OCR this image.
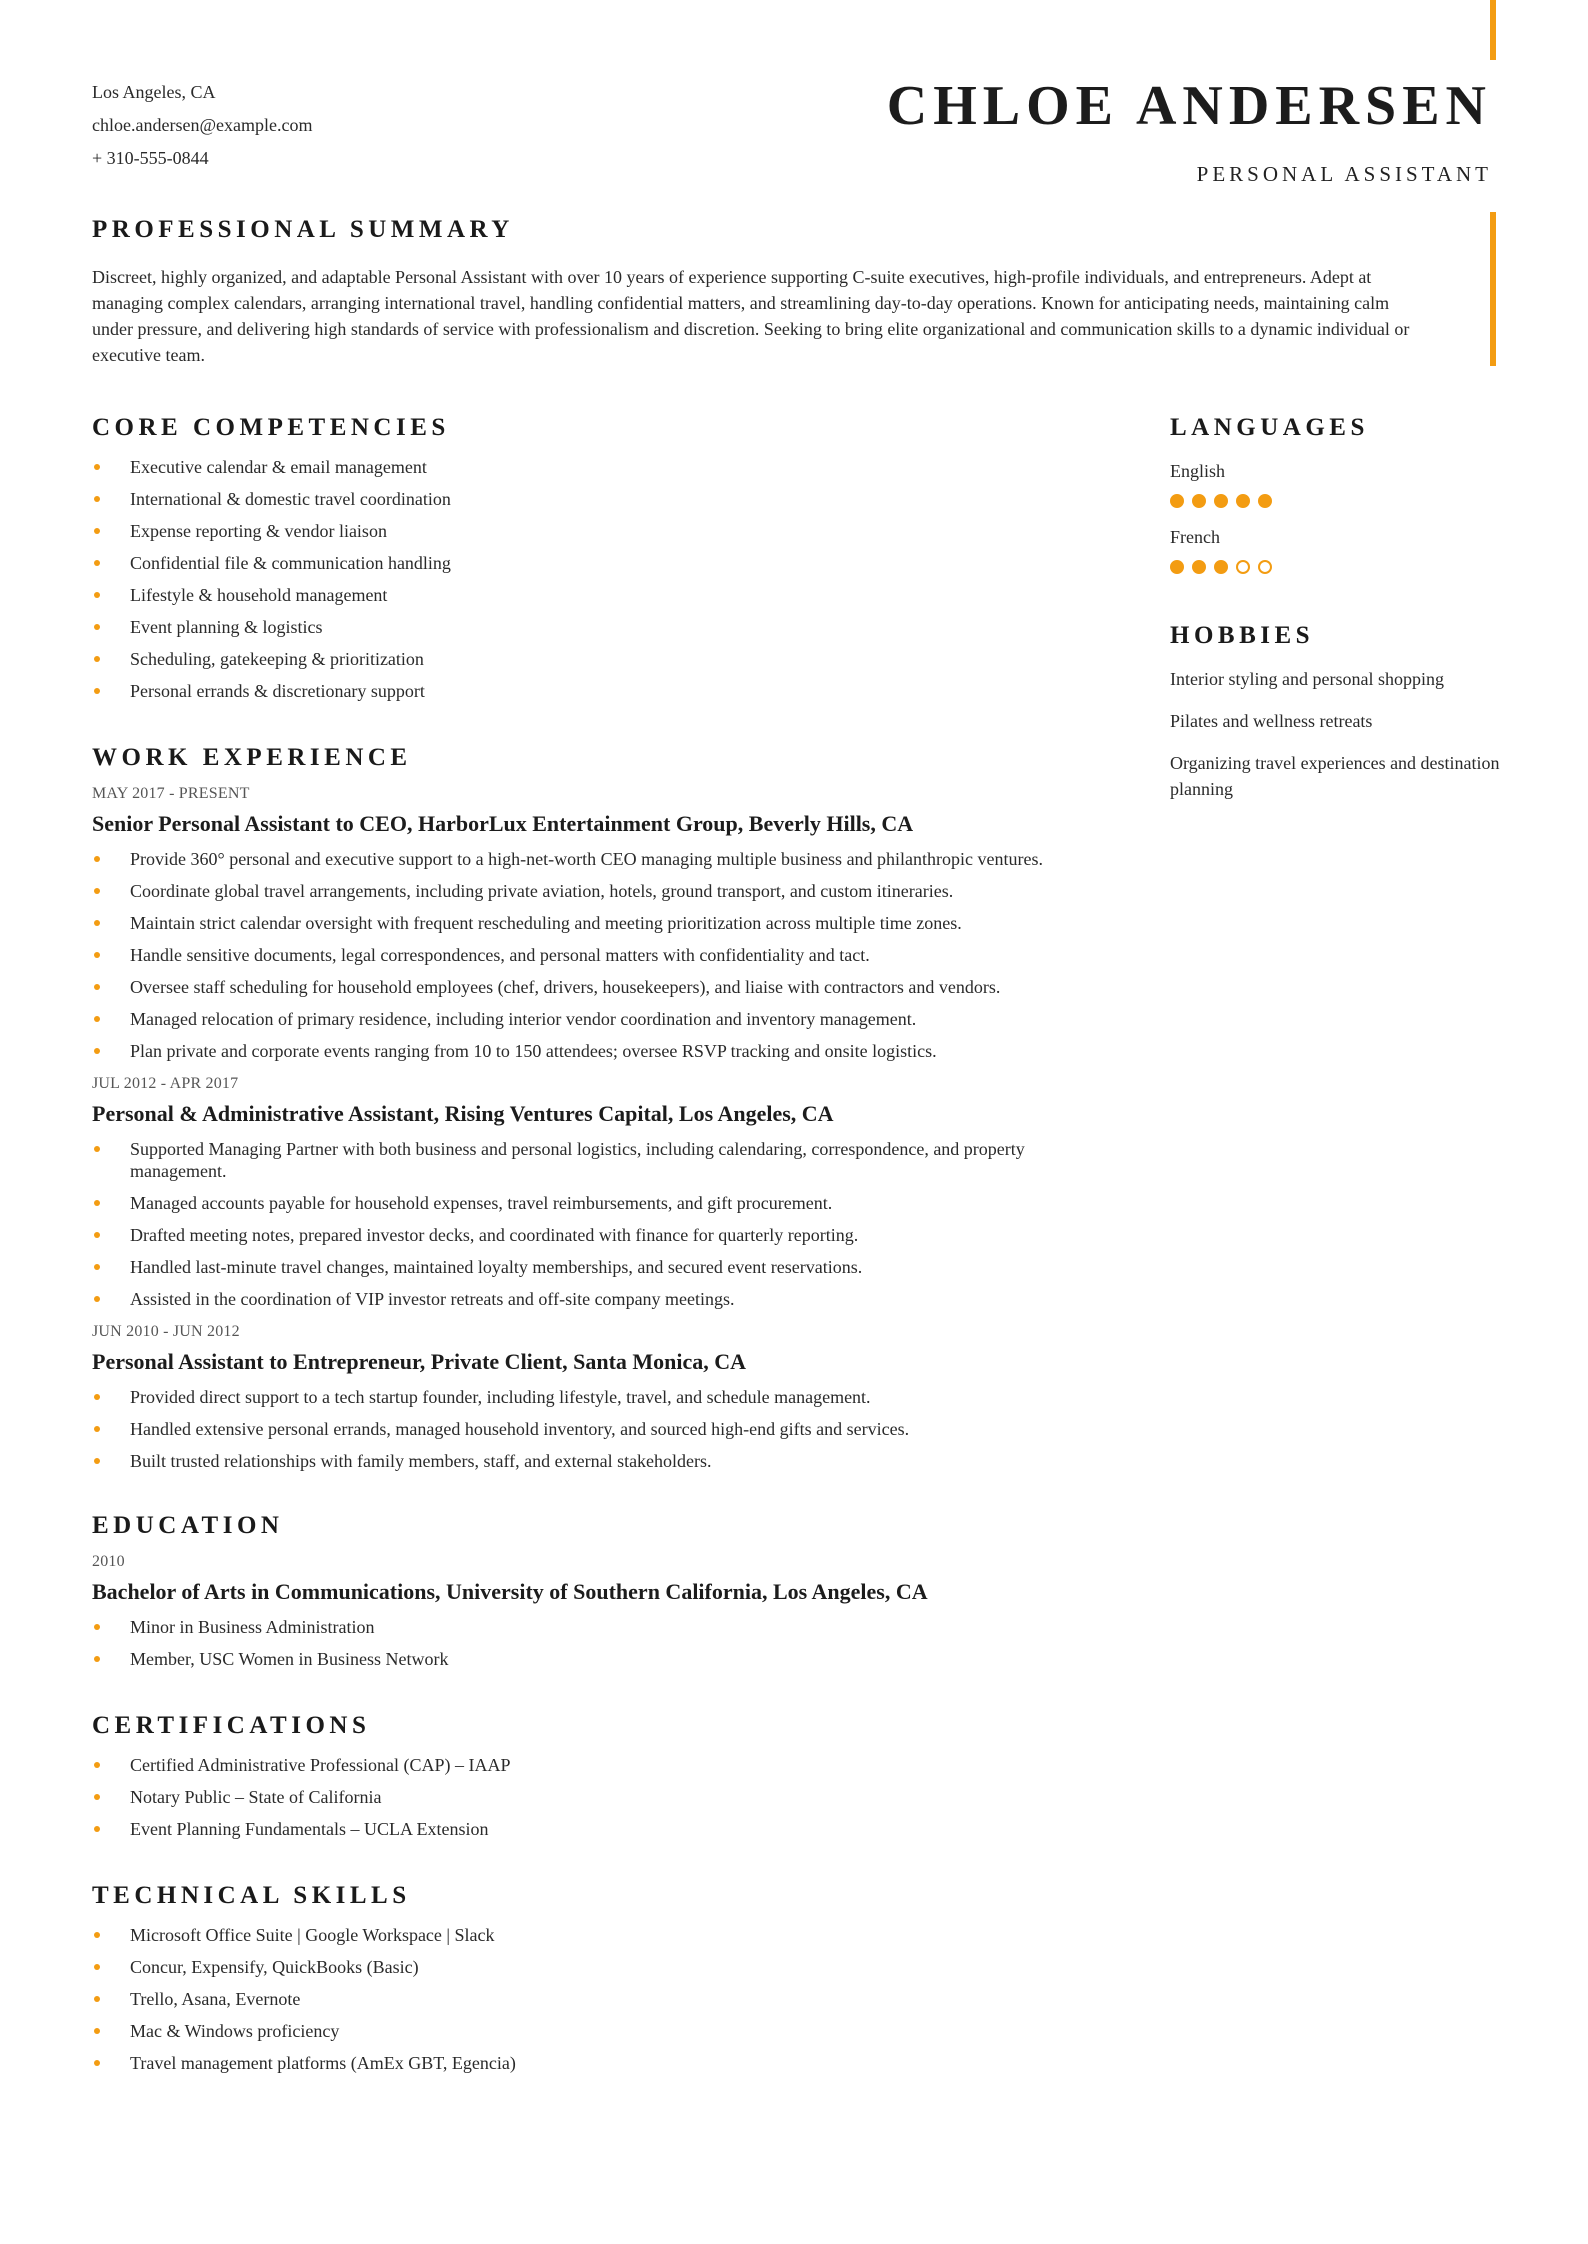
Los Angeles, CA
chloe.andersen@example.com
+ 310-555-0844
CHLOE ANDERSEN
PERSONAL ASSISTANT
PROFESSIONAL SUMMARY

Discreet, highly organized, and adaptable Personal Assistant with over 10 years of experience supporting C-suite executives, high-profile individuals, and entrepreneurs. Adept at managing complex calendars, arranging international travel, handling confidential matters, and streamlining day-to-day operations. Known for anticipating needs, maintaining calm under pressure, and delivering high standards of service with professionalism and discretion. Seeking to bring elite organizational and communication skills to a dynamic individual or executive team.

CORE COMPETENCIES
Executive calendar & email management
International & domestic travel coordination
Expense reporting & vendor liaison
Confidential file & communication handling
Lifestyle & household management
Event planning & logistics
Scheduling, gatekeeping & prioritization
Personal errands & discretionary support
WORK EXPERIENCE
MAY 2017 - PRESENT
Senior Personal Assistant to CEO, HarborLux Entertainment Group, Beverly Hills, CA
Provide 360° personal and executive support to a high-net-worth CEO managing multiple business and philanthropic ventures.
Coordinate global travel arrangements, including private aviation, hotels, ground transport, and custom itineraries.
Maintain strict calendar oversight with frequent rescheduling and meeting prioritization across multiple time zones.
Handle sensitive documents, legal correspondences, and personal matters with confidentiality and tact.
Oversee staff scheduling for household employees (chef, drivers, housekeepers), and liaise with contractors and vendors.
Managed relocation of primary residence, including interior vendor coordination and inventory management.
Plan private and corporate events ranging from 10 to 150 attendees; oversee RSVP tracking and onsite logistics.
JUL 2012 - APR 2017
Personal & Administrative Assistant, Rising Ventures Capital, Los Angeles, CA
Supported Managing Partner with both business and personal logistics, including calendaring, correspondence, and property management.
Managed accounts payable for household expenses, travel reimbursements, and gift procurement.
Drafted meeting notes, prepared investor decks, and coordinated with finance for quarterly reporting.
Handled last-minute travel changes, maintained loyalty memberships, and secured event reservations.
Assisted in the coordination of VIP investor retreats and off-site company meetings.
JUN 2010 - JUN 2012
Personal Assistant to Entrepreneur, Private Client, Santa Monica, CA
Provided direct support to a tech startup founder, including lifestyle, travel, and schedule management.
Handled extensive personal errands, managed household inventory, and sourced high-end gifts and services.
Built trusted relationships with family members, staff, and external stakeholders.
EDUCATION
2010
Bachelor of Arts in Communications, University of Southern California, Los Angeles, CA
Minor in Business Administration
Member, USC Women in Business Network
CERTIFICATIONS
Certified Administrative Professional (CAP) – IAAP
Notary Public – State of California
Event Planning Fundamentals – UCLA Extension
TECHNICAL SKILLS
Microsoft Office Suite | Google Workspace | Slack
Concur, Expensify, QuickBooks (Basic)
Trello, Asana, Evernote
Mac & Windows proficiency
Travel management platforms (AmEx GBT, Egencia)
LANGUAGES
English
French
HOBBIES
Interior styling and personal shopping
Pilates and wellness retreats
Organizing travel experiences and destination planning
